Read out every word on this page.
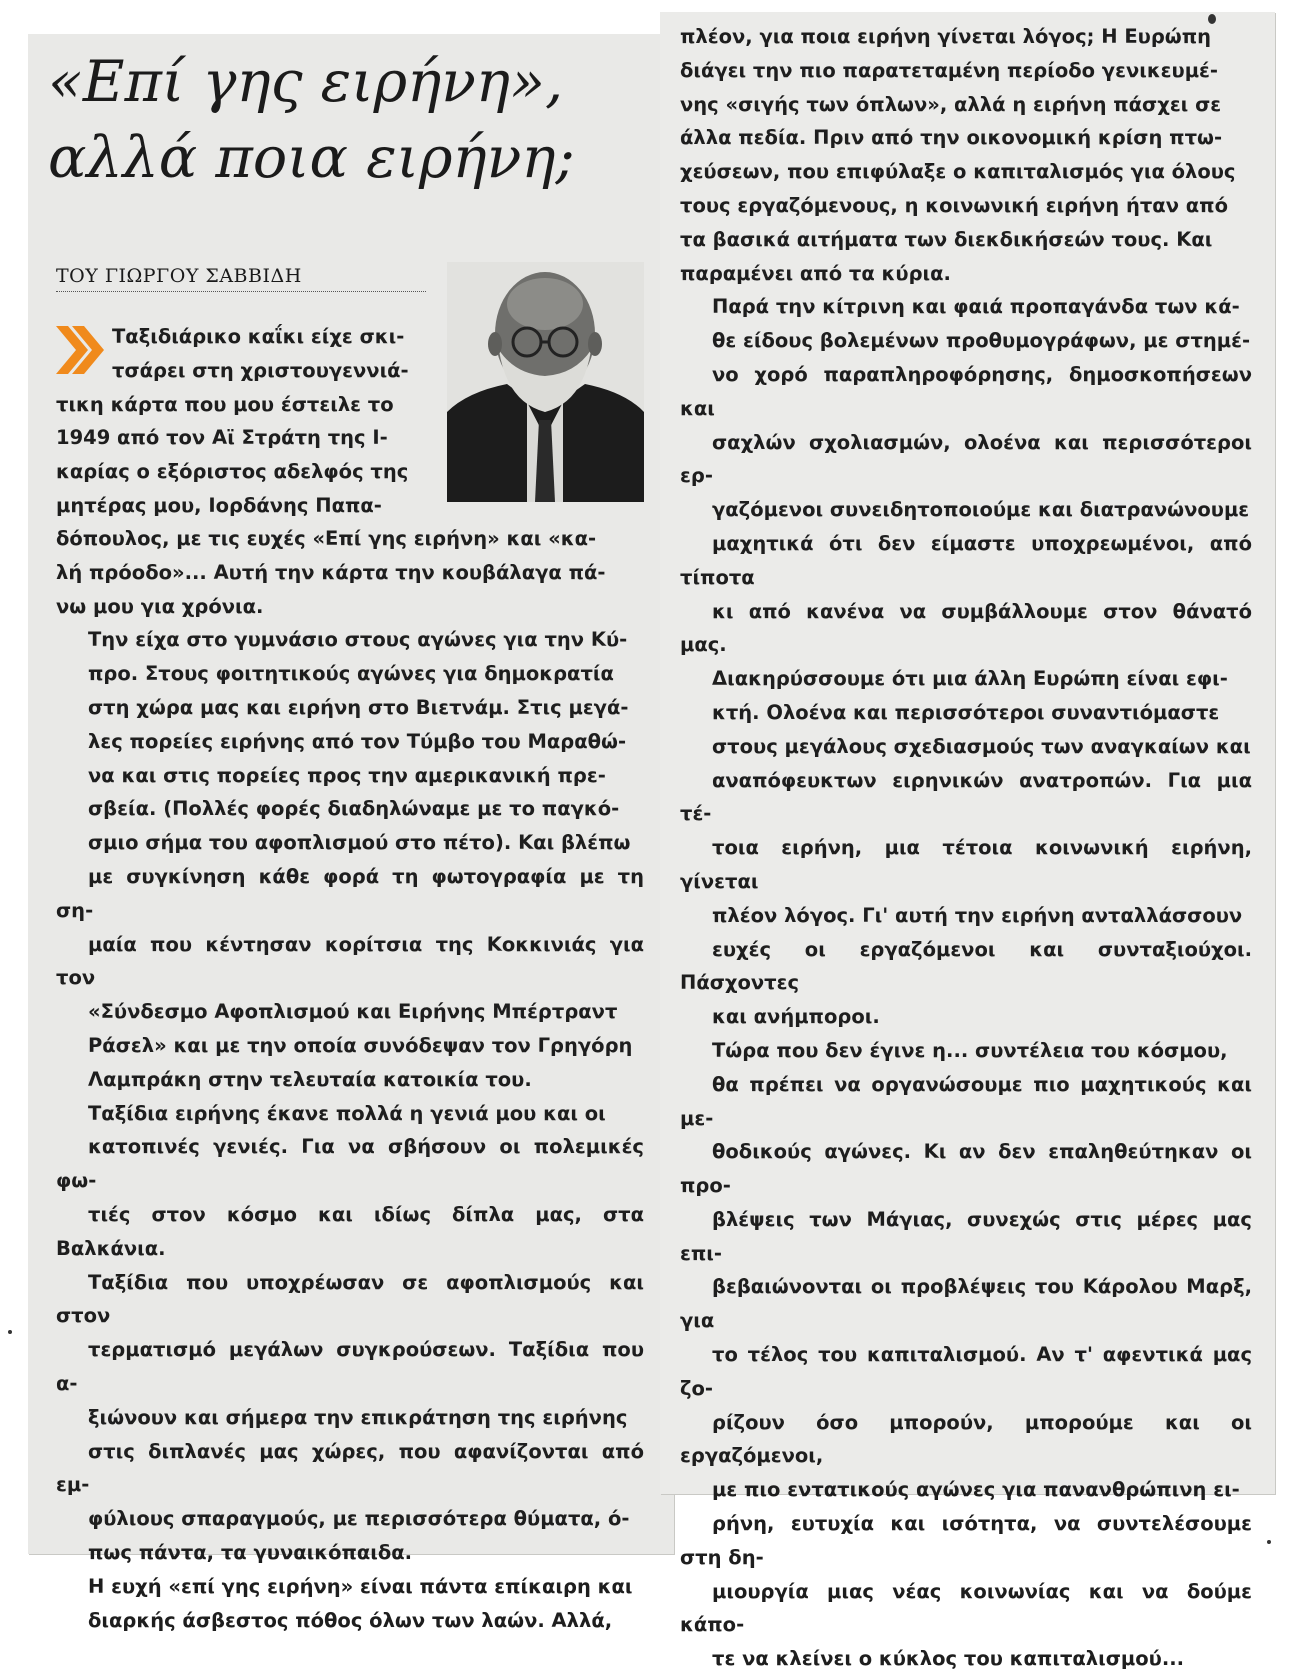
«Επί γης ειρήνη»,
αλλά ποια ειρήνη;
ΤΟΥ ΓΙΩΡΓΟΥ ΣΑΒΒΙΔΗ
Ταξιδιάρικο καΐκι είχε σκι-
τσάρει στη χριστουγεννιά-
τικη κάρτα που μου έστειλε το
1949 από τον Αϊ Στράτη της Ι-
καρίας ο εξόριστος αδελφός της
μητέρας μου, Ιορδάνης Παπα-

δόπουλος, με τις ευχές «Επί γης ειρήνη» και «κα-
λή πρόοδο»... Αυτή την κάρτα την κουβάλαγα πά-
νω μου για χρόνια.

Την είχα στο γυμνάσιο στους αγώνες για την Κύ-
προ. Στους φοιτητικούς αγώνες για δημοκρατία
στη χώρα μας και ειρήνη στο Βιετνάμ. Στις μεγά-
λες πορείες ειρήνης από τον Τύμβο του Μαραθώ-
να και στις πορείες προς την αμερικανική πρε-
σβεία. (Πολλές φορές διαδηλώναμε με το παγκό-
σμιο σήμα του αφοπλισμού στο πέτο). Και βλέπω
με συγκίνηση κάθε φορά τη φωτογραφία με τη ση-
μαία που κέντησαν κορίτσια της Κοκκινιάς για τον
«Σύνδεσμο Αφοπλισμού και Ειρήνης Μπέρτραντ
Ράσελ» και με την οποία συνόδεψαν τον Γρηγόρη
Λαμπράκη στην τελευταία κατοικία του.

Ταξίδια ειρήνης έκανε πολλά η γενιά μου και οι
κατοπινές γενιές. Για να σβήσουν οι πολεμικές φω-
τιές στον κόσμο και ιδίως δίπλα μας, στα Βαλκάνια.
Ταξίδια που υποχρέωσαν σε αφοπλισμούς και στον
τερματισμό μεγάλων συγκρούσεων. Ταξίδια που α-
ξιώνουν και σήμερα την επικράτηση της ειρήνης
στις διπλανές μας χώρες, που αφανίζονται από εμ-
φύλιους σπαραγμούς, με περισσότερα θύματα, ό-
πως πάντα, τα γυναικόπαιδα.

Η ευχή «επί γης ειρήνη» είναι πάντα επίκαιρη και
διαρκής άσβεστος πόθος όλων των λαών. Αλλά,

πλέον, για ποια ειρήνη γίνεται λόγος; Η Ευρώπη
διάγει την πιο παρατεταμένη περίοδο γενικευμέ-
νης «σιγής των όπλων», αλλά η ειρήνη πάσχει σε
άλλα πεδία. Πριν από την οικονομική κρίση πτω-
χεύσεων, που επιφύλαξε ο καπιταλισμός για όλους
τους εργαζόμενους, η κοινωνική ειρήνη ήταν από
τα βασικά αιτήματα των διεκδικήσεών τους. Και
παραμένει από τα κύρια.

Παρά την κίτρινη και φαιά προπαγάνδα των κά-
θε είδους βολεμένων προθυμογράφων, με στημέ-
νο χορό παραπληροφόρησης, δημοσκοπήσεων και
σαχλών σχολιασμών, ολοένα και περισσότεροι ερ-
γαζόμενοι συνειδητοποιούμε και διατρανώνουμε
μαχητικά ότι δεν είμαστε υποχρεωμένοι, από τίποτα
κι από κανένα να συμβάλλουμε στον θάνατό μας.

Διακηρύσσουμε ότι μια άλλη Ευρώπη είναι εφι-
κτή. Ολοένα και περισσότεροι συναντιόμαστε
στους μεγάλους σχεδιασμούς των αναγκαίων και
αναπόφευκτων ειρηνικών ανατροπών. Για μια τέ-
τοια ειρήνη, μια τέτοια κοινωνική ειρήνη, γίνεται
πλέον λόγος. Γι' αυτή την ειρήνη ανταλλάσσουν
ευχές οι εργαζόμενοι και συνταξιούχοι. Πάσχοντες
και ανήμποροι.

Τώρα που δεν έγινε η... συντέλεια του κόσμου,
θα πρέπει να οργανώσουμε πιο μαχητικούς και με-
θοδικούς αγώνες. Κι αν δεν επαληθεύτηκαν οι προ-
βλέψεις των Μάγιας, συνεχώς στις μέρες μας επι-
βεβαιώνονται οι προβλέψεις του Κάρολου Μαρξ, για
το τέλος του καπιταλισμού. Αν τ' αφεντικά μας ζο-
ρίζουν όσο μπορούν, μπορούμε και οι εργαζόμενοι,
με πιο εντατικούς αγώνες για πανανθρώπινη ει-
ρήνη, ευτυχία και ισότητα, να συντελέσουμε στη δη-
μιουργία μιας νέας κοινωνίας και να δούμε κάπο-
τε να κλείνει ο κύκλος του καπιταλισμού...
